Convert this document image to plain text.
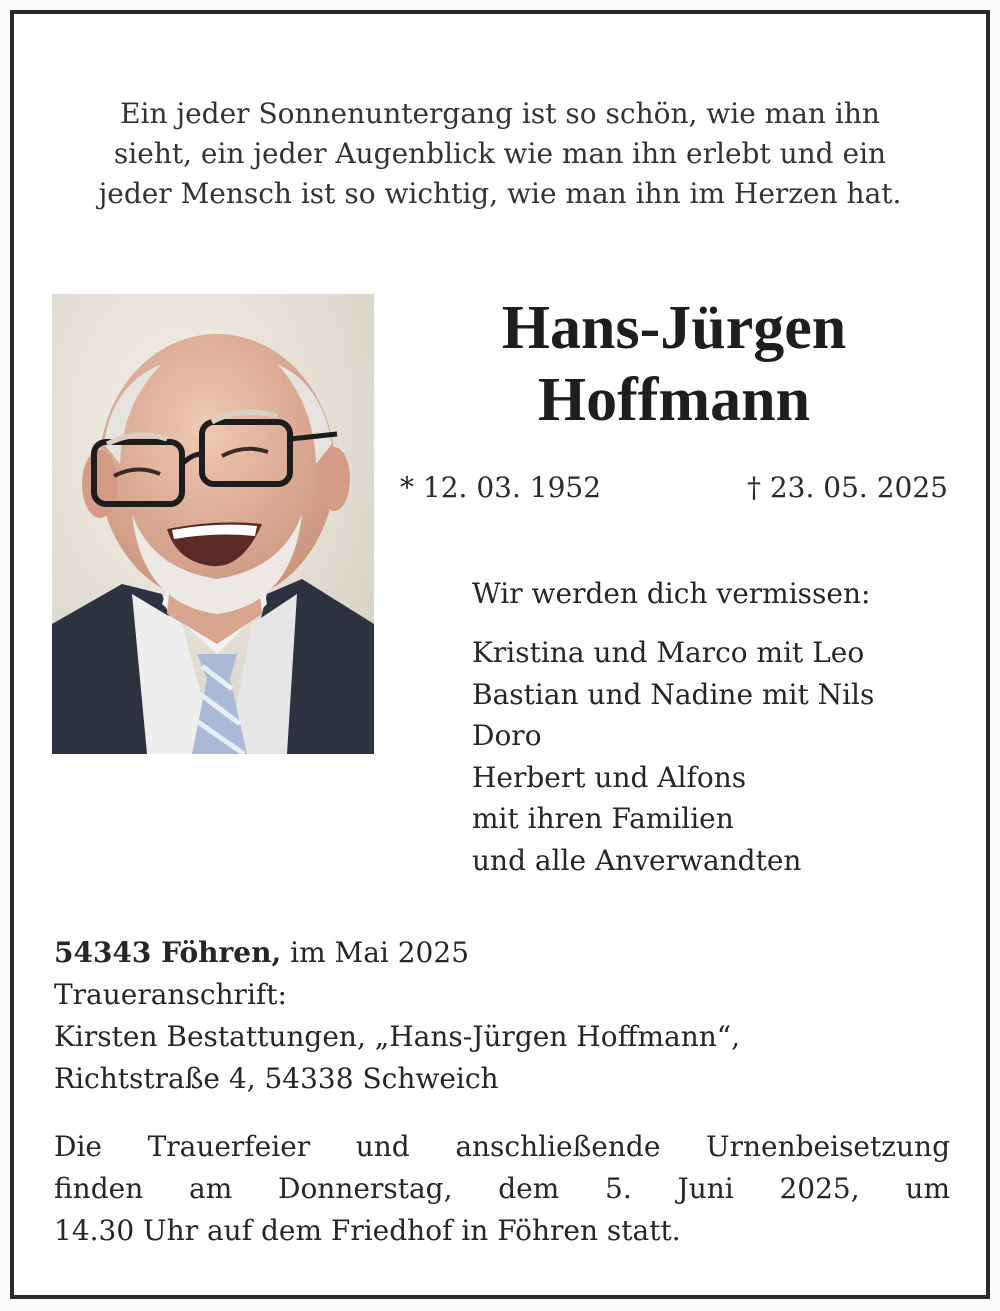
Ein jeder Sonnenuntergang ist so schön, wie man ihn
sieht, ein jeder Augenblick wie man ihn erlebt und ein
jeder Mensch ist so wichtig, wie man ihn im Herzen hat.
Hans-Jürgen
Hoffmann
* 12. 03. 1952	† 23. 05. 2025
Wir werden dich vermissen:
Kristina und Marco mit Leo
Bastian und Nadine mit Nils
Doro
Herbert und Alfons
mit ihren Familien
und alle Anverwandten
54343 Föhren, im Mai 2025
Traueranschrift:
Kirsten Bestattungen, „Hans-Jürgen Hoffmann“,
Richtstraße 4, 54338 Schweich
Die Trauerfeier und anschließende Urnenbeisetzung
finden am Donnerstag, dem 5. Juni 2025, um
14.30 Uhr auf dem Friedhof in Föhren statt.
